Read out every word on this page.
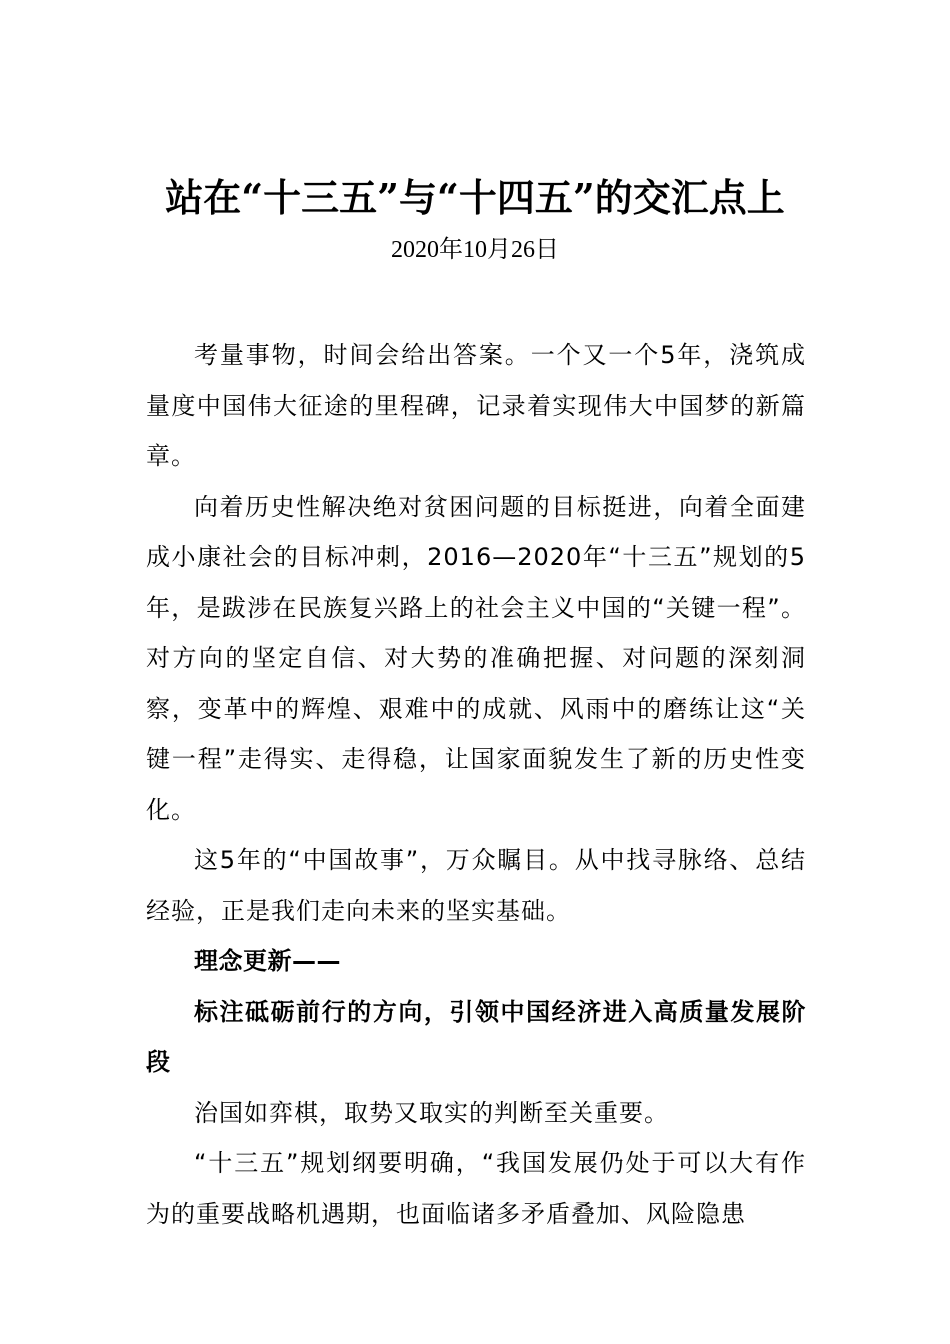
站在“十三五”与“十四五”的交汇点上
2020年10月26日

考量事物，时间会给出答案。一个又一个5年，浇筑成量度中国伟大征途的里程碑，记录着实现伟大中国梦的新篇章。

向着历史性解决绝对贫困问题的目标挺进，向着全面建成小康社会的目标冲刺，2016—2020年“十三五”规划的5年，是跋涉在民族复兴路上的社会主义中国的“关键一程”。对方向的坚定自信、对大势的准确把握、对问题的深刻洞察，变革中的辉煌、艰难中的成就、风雨中的磨练让这“关键一程”走得实、走得稳，让国家面貌发生了新的历史性变化。

这5年的“中国故事”，万众瞩目。从中找寻脉络、总结经验，正是我们走向未来的坚实基础。

理念更新——

标注砥砺前行的方向，引领中国经济进入高质量发展阶段

治国如弈棋，取势又取实的判断至关重要。

“十三五”规划纲要明确，“我国发展仍处于可以大有作为的重要战略机遇期，也面临诸多矛盾叠加、风险隐患
